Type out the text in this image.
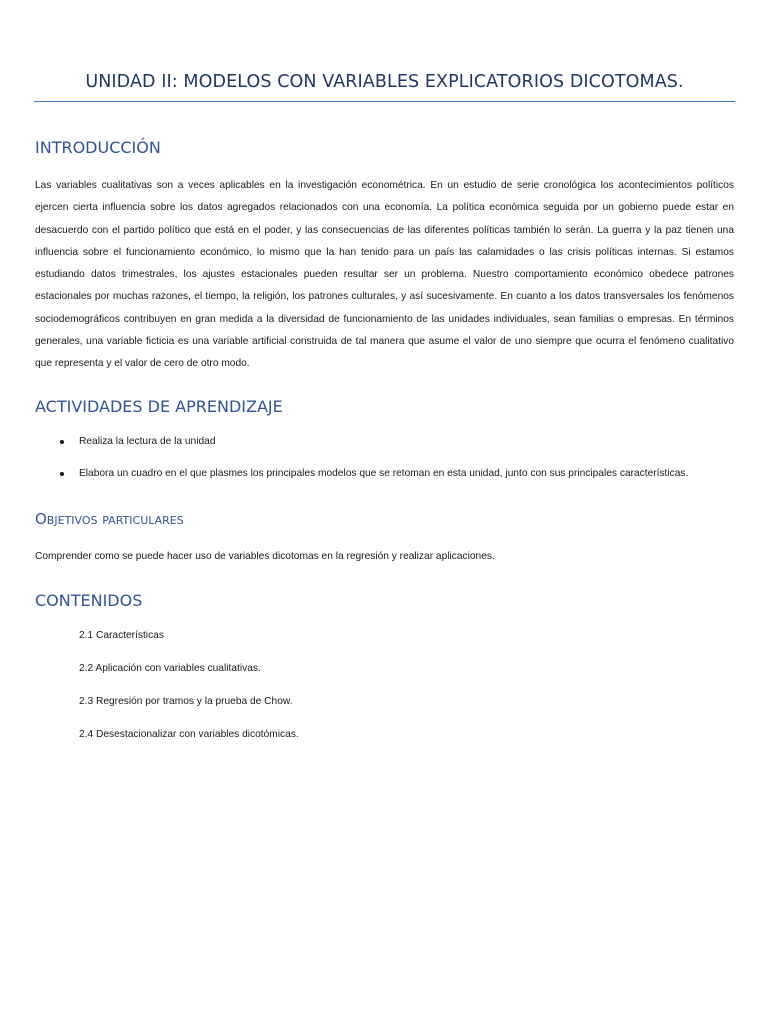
UNIDAD II: MODELOS CON VARIABLES EXPLICATORIOS DICOTOMAS.
INTRODUCCIÓN
Las variables cualitativas son a veces aplicables en la investigación econométrica. En un estudio de serie cronológica los acontecimientos políticos ejercen cierta influencia sobre los datos agregados relacionados con una economía. La política económica seguida por un gobierno puede estar en desacuerdo con el partido político que está en el poder, y las consecuencias de las diferentes políticas también lo serán. La guerra y la paz tienen una influencia sobre el funcionamiento económico, lo mismo que la han tenido para un país las calamidades o las crisis políticas internas. Si estamos estudiando datos trimestrales, los ajustes estacionales pueden resultar ser un problema. Nuestro comportamiento económico obedece patrones estacionales por muchas razones, el tiempo, la religión, los patrones culturales, y así sucesivamente. En cuanto a los datos transversales los fenómenos sociodemográficos contribuyen en gran medida a la diversidad de funcionamiento de las unidades individuales, sean familias o empresas. En términos generales, una variable ficticia es una variable artificial construida de tal manera que asume el valor de uno siempre que ocurra el fenómeno cualitativo que representa y el valor de cero de otro modo.
ACTIVIDADES DE APRENDIZAJE
Realiza la lectura de la unidad
Elabora un cuadro en el que plasmes los principales modelos que se retoman en esta unidad, junto con sus principales características.
Objetivos particulares
Comprender como se puede hacer uso de variables dicotomas en la regresión y realizar aplicaciones.
CONTENIDOS
2.1 Características
2.2 Aplicación con variables cualitativas.
2.3 Regresión por tramos y la prueba de Chow.
2.4 Desestacionalizar con variables dicotómicas.
